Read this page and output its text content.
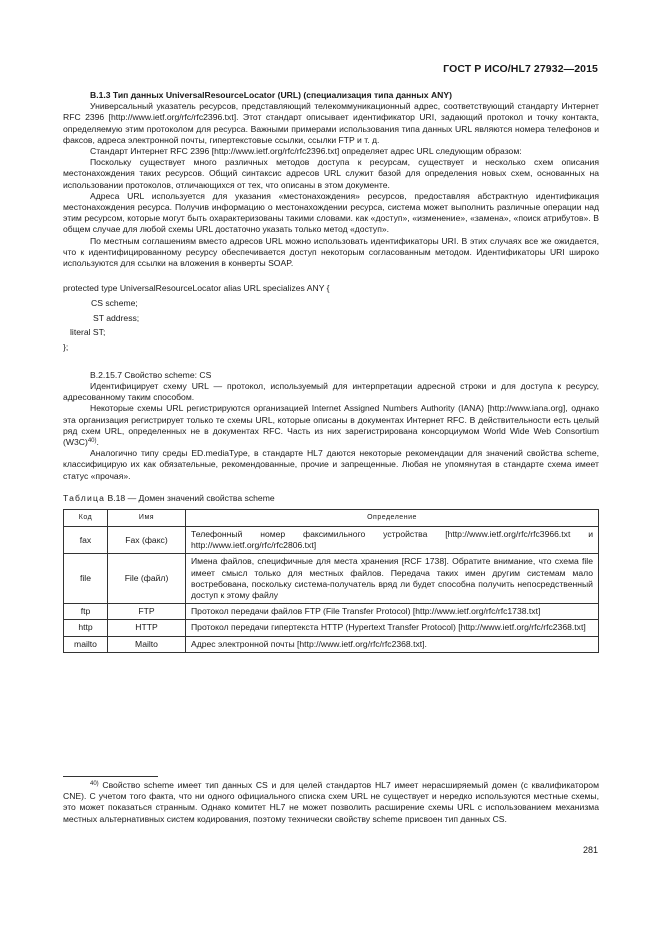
ГОСТ Р ИСО/HL7 27932—2015

В.1.3 Тип данных UniversalResourceLocator (URL) (специализация типа данных ANY)

Универсальный указатель ресурсов, представляющий телекоммуникационный адрес, соответствующий стандарту Интернет RFC 2396 [http://www.ietf.org/rfc/rfc2396.txt]. Этот стандарт описывает идентификатор URI, задающий протокол и точку контакта, определяемую этим протоколом для ресурса. Важными примерами использования типа данных URL являются номера телефонов и факсов, адреса электронной почты, гипертекстовые ссылки, ссылки FTP и т. д.

Стандарт Интернет RFC 2396 [http://www.ietf.org/rfc/rfc2396.txt] определяет адрес URL следующим образом:

Поскольку существует много различных методов доступа к ресурсам, существует и несколько схем описания местонахождения таких ресурсов. Общий синтаксис адресов URL служит базой для определения новых схем, основанных на использовании протоколов, отличающихся от тех, что описаны в этом документе.

Адреса URL используется для указания «местонахождения» ресурсов, предоставляя абстрактную идентификация местонахождения ресурса. Получив информацию о местонахождении ресурса, система может выполнить различные операции над этим ресурсом, которые могут быть охарактеризованы такими словами. как «доступ», «изменение», «замена», «поиск атрибутов». В общем случае для любой схемы URL достаточно указать только метод «доступ».

По местным соглашениям вместо адресов URL можно использовать идентификаторы URI. В этих случаях все же ожидается, что к идентифицированному ресурсу обеспечивается доступ некоторым согласованным методом. Идентификаторы URI широко используются для ссылки на вложения в конверты SOAP.

protected type UniversalResourceLocator alias URL specializes ANY {
CS scheme;
ST address;
literal ST;
};

В.2.15.7 Свойство scheme: CS

Идентифицирует схему URL — протокол, используемый для интерпретации адресной строки и для доступа к ресурсу, адресованному таким способом.

Некоторые схемы URL регистрируются организацией Internet Assigned Numbers Authority (IANA) [http://www.iana.org], однако эта организация регистрирует только те схемы URL, которые описаны в документах Интернет RFC. В действительности есть целый ряд схем URL, определенных не в документах RFC. Часть из них зарегистрирована консорциумом World Wide Web Consortium $(W3C)^{40)}$.

Аналогично типу среды ED.mediaType, в стандарте HL7 даются некоторые рекомендации для значений свойства scheme, классифицирую их как обязательные, рекомендованные, прочие и запрещенные. Любая не упомянутая в стандарте схема имеет статус «прочая».

Таблица В.18 — Домен значений свойства scheme
Код	Имя	Определение
fax	Fax (факс)	Телефонный номер факсимильного устройства [http://www.ietf.org/rfc/rfc3966.txt и http://www.ietf.org/rfc/rfc2806.txt]
file	File (файл)	Имена файлов, специфичные для места хранения [RCF 1738]. Обратите внимание, что схема file имеет смысл только для местных файлов. Передача таких имен другим системам мало востребована, поскольку система-получатель вряд ли будет способна получить непосредственный доступ к этому файлу
ftp	FTP	Протокол передачи файлов FTP (File Transfer Protocol) [http://www.ietf.org/rfc/rfc1738.txt]
http	HTTP	Протокол передачи гипертекста HTTP (Hypertext Transfer Protocol) [http://www.ietf.org/rfc/rfc2368.txt]
mailto	Mailto	Адрес электронной почты [http://www.ietf.org/rfc/rfc2368.txt].
$^{40)}$ Свойство scheme имеет тип данных CS и для целей стандартов HL7 имеет нерасширяемый домен (с квалификатором CNE). С учетом того факта, что ни одного официального списка схем URL не существует и нередко используются местные схемы, это может показаться странным. Однако комитет HL7 не может позволить расширение схемы URL с использованием механизма местных альтернативных систем кодирования, поэтому технически свойству scheme присвоен тип данных CS.
281
